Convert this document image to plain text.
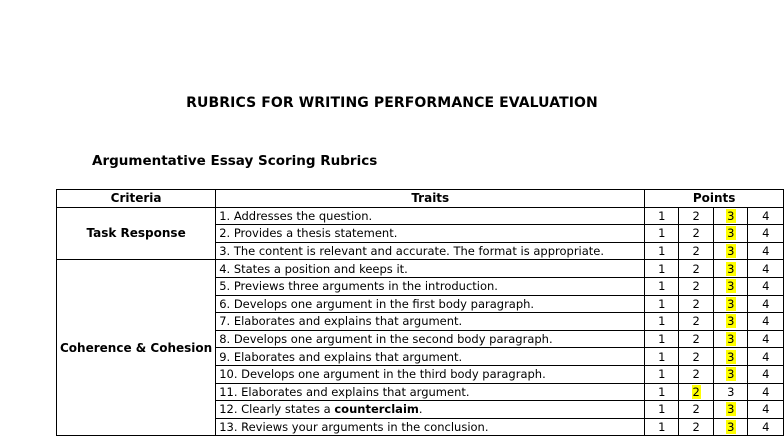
RUBRICS FOR WRITING PERFORMANCE EVALUATION
Argumentative Essay Scoring Rubrics
Criteria	Traits	Points			
Task Response	1. Addresses the question.	1	2	3	4
	2. Provides a thesis statement.	1	2	3	4
	3. The content is relevant and accurate. The format is appropriate.	1	2	3	4
Coherence & Cohesion	4. States a position and keeps it.	1	2	3	4
	5. Previews three arguments in the introduction.	1	2	3	4
	6. Develops one argument in the first body paragraph.	1	2	3	4
	7. Elaborates and explains that argument.	1	2	3	4
	8. Develops one argument in the second body paragraph.	1	2	3	4
	9. Elaborates and explains that argument.	1	2	3	4
	10. Develops one argument in the third body paragraph.	1	2	3	4
	11. Elaborates and explains that argument.	1	2	3	4
	12. Clearly states a counterclaim.	1	2	3	4
	13. Reviews your arguments in the conclusion.	1	2	3	4
